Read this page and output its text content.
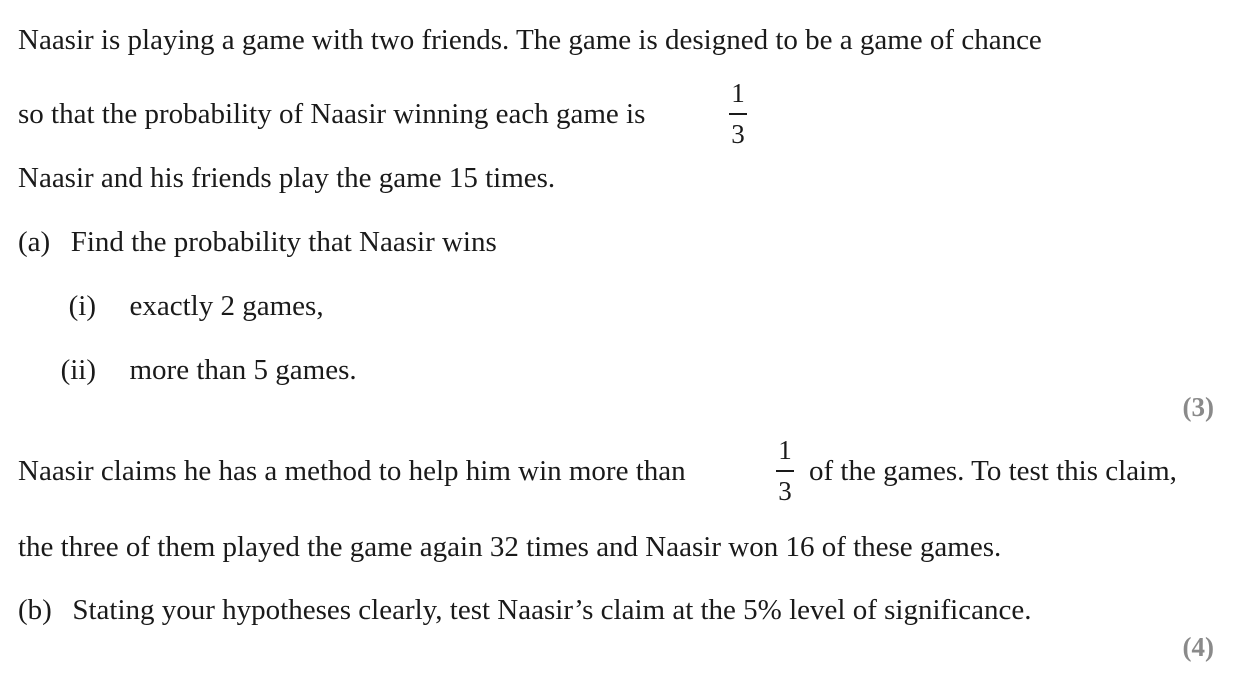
Naasir is playing a game with two friends. The game is designed to be a game of chance
so that the probability of Naasir winning each game is
1
3
Naasir and his friends play the game 15 times.
(a) Find the probability that Naasir wins
(i) exactly 2 games,
(ii) more than 5 games.
(3)
Naasir claims he has a method to help him win more than
1
3
of the games. To test this claim,
the three of them played the game again 32 times and Naasir won 16 of these games.
(b) Stating your hypotheses clearly, test Naasir’s claim at the 5% level of significance.
(4)
